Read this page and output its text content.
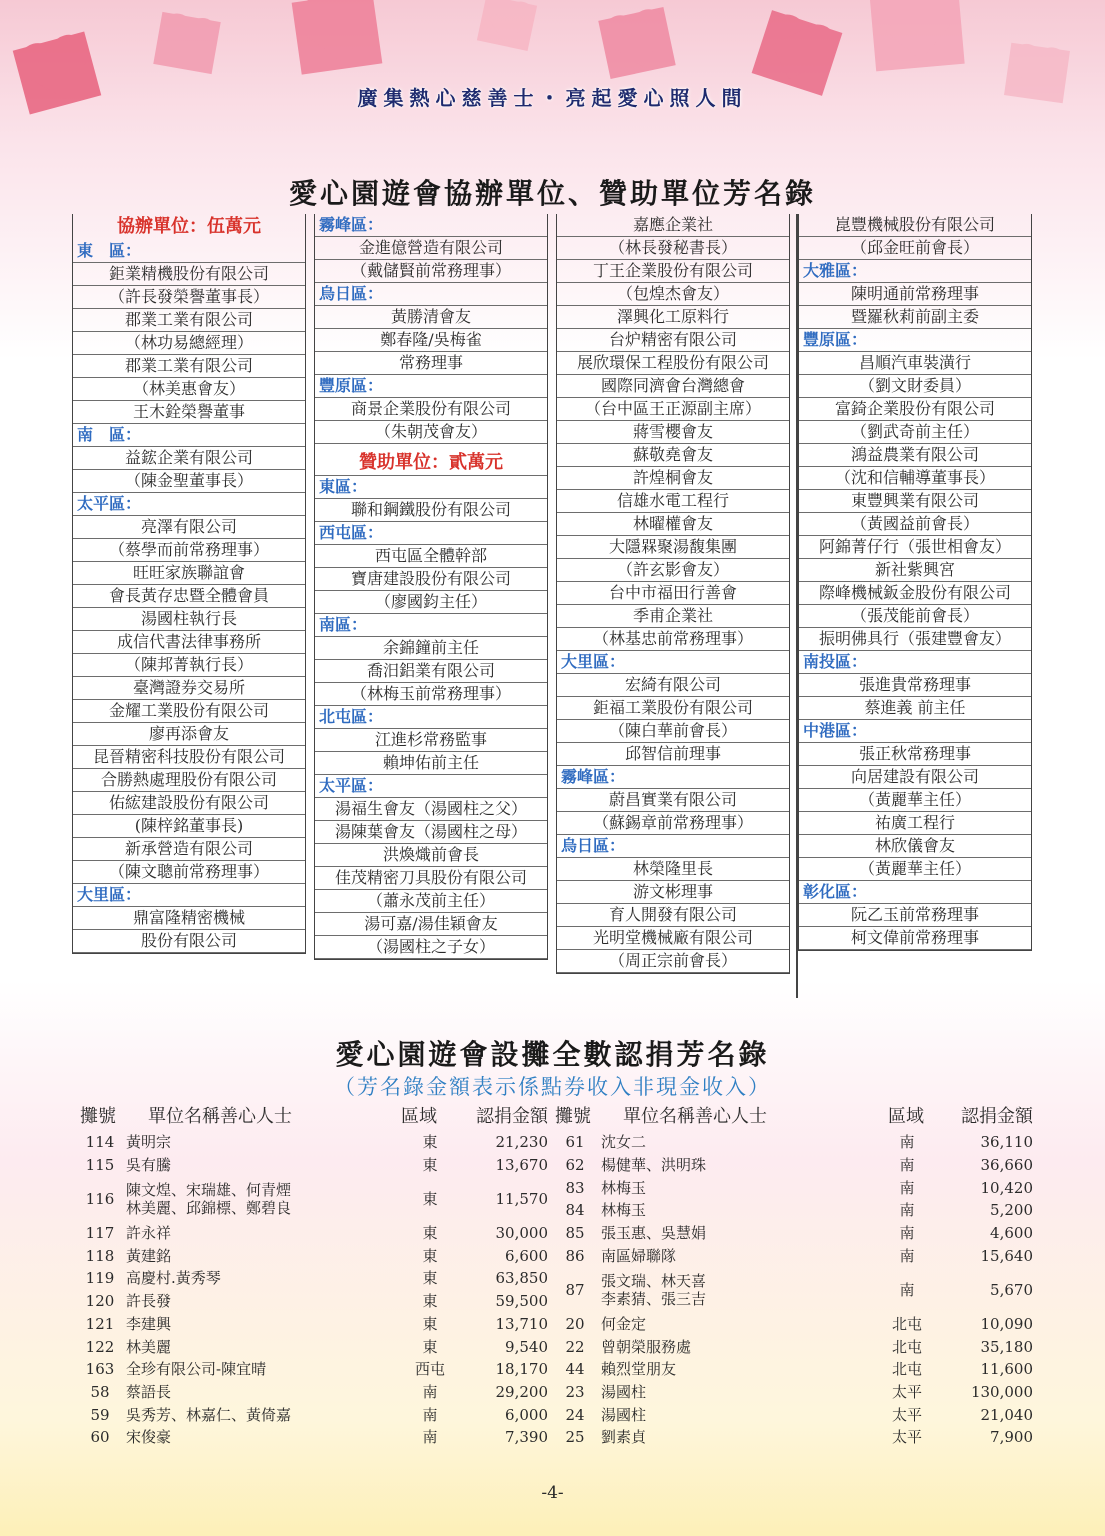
廣集熱心慈善士・亮起愛心照人間
愛心園遊會協辦單位、贊助單位芳名錄
協辦單位：伍萬元
東　區：
鉅業精機股份有限公司
（許長發榮譽董事長）
郡業工業有限公司
（林功易總經理）
郡業工業有限公司
（林美惠會友）
王木銓榮譽董事
南　區：
益鋐企業有限公司
（陳金聖董事長）
太平區：
亮澤有限公司
（蔡學而前常務理事）
旺旺家族聯誼會
會長黃存忠暨全體會員
湯國柱執行長
成信代書法律事務所
（陳邦菁執行長）
臺灣證券交易所
金耀工業股份有限公司
廖再添會友
昆晉精密科技股份有限公司
合勝熱處理股份有限公司
佑綋建設股份有限公司
(陳梓銘董事長)
新承營造有限公司
（陳文聰前常務理事）
大里區：
鼎富隆精密機械
股份有限公司
霧峰區：
金進億營造有限公司
（戴儲賢前常務理事）
烏日區：
黃勝清會友
鄭春隆/吳梅雀
常務理事
豐原區：
商景企業股份有限公司
（朱朝茂會友）
贊助單位：貳萬元
東區：
聯和鋼鐵股份有限公司
西屯區：
西屯區全體幹部
寶唐建設股份有限公司
（廖國鈞主任）
南區：
余錦鐘前主任
喬汨鋁業有限公司
（林梅玉前常務理事）
北屯區：
江進杉常務監事
賴坤佑前主任
太平區：
湯福生會友（湯國柱之父）
湯陳葉會友（湯國柱之母）
洪煥熾前會長
佳茂精密刀具股份有限公司
（蕭永茂前主任）
湯可嘉/湯佳穎會友
（湯國柱之子女）
嘉應企業社
（林長發秘書長）
丁王企業股份有限公司
（包煌杰會友）
澤興化工原料行
台炉精密有限公司
展欣環保工程股份有限公司
國際同濟會台灣總會
（台中區王正源副主席）
蔣雪櫻會友
蘇敬堯會友
許煌桐會友
信雄水電工程行
林曜權會友
大隱槑聚湯馥集團
（許玄影會友）
台中市福田行善會
季甫企業社
（林基忠前常務理事）
大里區：
宏綺有限公司
鉅福工業股份有限公司
（陳白華前會長）
邱智信前理事
霧峰區：
蔚昌實業有限公司
（蘇錫章前常務理事）
烏日區：
林榮隆里長
游文彬理事
育人開發有限公司
光明堂機械廠有限公司
（周正宗前會長）
崑豐機械股份有限公司
（邱金旺前會長）
大雅區：
陳明通前常務理事
暨羅秋莉前副主委
豐原區：
昌順汽車裝潢行
（劉文財委員）
富錡企業股份有限公司
（劉武奇前主任）
鴻益農業有限公司
（沈和信輔導董事長）
東豐興業有限公司
（黃國益前會長）
阿錦菁仔行（張世相會友）
新社紫興宮
際峰機械鈑金股份有限公司
（張茂能前會長）
振明佛具行（張建豐會友）
南投區：
張進貴常務理事
蔡進義 前主任
中港區：
張正秋常務理事
向居建設有限公司
（黃麗華主任）
祐廣工程行
林欣儀會友
（黃麗華主任）
彰化區：
阮乙玉前常務理事
柯文偉前常務理事
愛心園遊會設攤全數認捐芳名錄
（芳名錄金額表示係點券收入非現金收入）
攤號	單位名稱善心人士	區域	認捐金額
114 黃明宗	東	21,230
115 吳有騰	東	13,670
116 陳文煌、宋瑞雄、何青煙
林美麗、邱錦標、鄭碧良	東	11,570
117 許永祥	東	30,000
118 黃建銘	東	6,600
119 高慶村.黃秀琴	東	63,850
120 許長發	東	59,500
121 李建興	東	13,710
122 林美麗	東	9,540
163 全珍有限公司-陳宜晴	西屯	18,170
58	蔡語長	南	29,200
59	吳秀芳、林嘉仁、黃倚嘉	南	6,000
60	宋俊豪	南	7,390
攤號	單位名稱善心人士	區域	認捐金額
61	沈女二	南	36,110
62	楊健華、洪明珠	南	36,660
83	林梅玉	南	10,420
84	林梅玉	南	5,200
85	張玉惠、吳慧娟	南	4,600
86	南區婦聯隊	南	15,640
87	張文瑞、林天喜
李素猜、張三吉	南	5,670
20	何金定	北屯	10,090
22	曾朝榮服務處	北屯	35,180
44	賴烈堂朋友	北屯	11,600
23	湯國柱	太平	130,000
24	湯國柱	太平	21,040
25	劉素貞	太平	7,900
-4-
